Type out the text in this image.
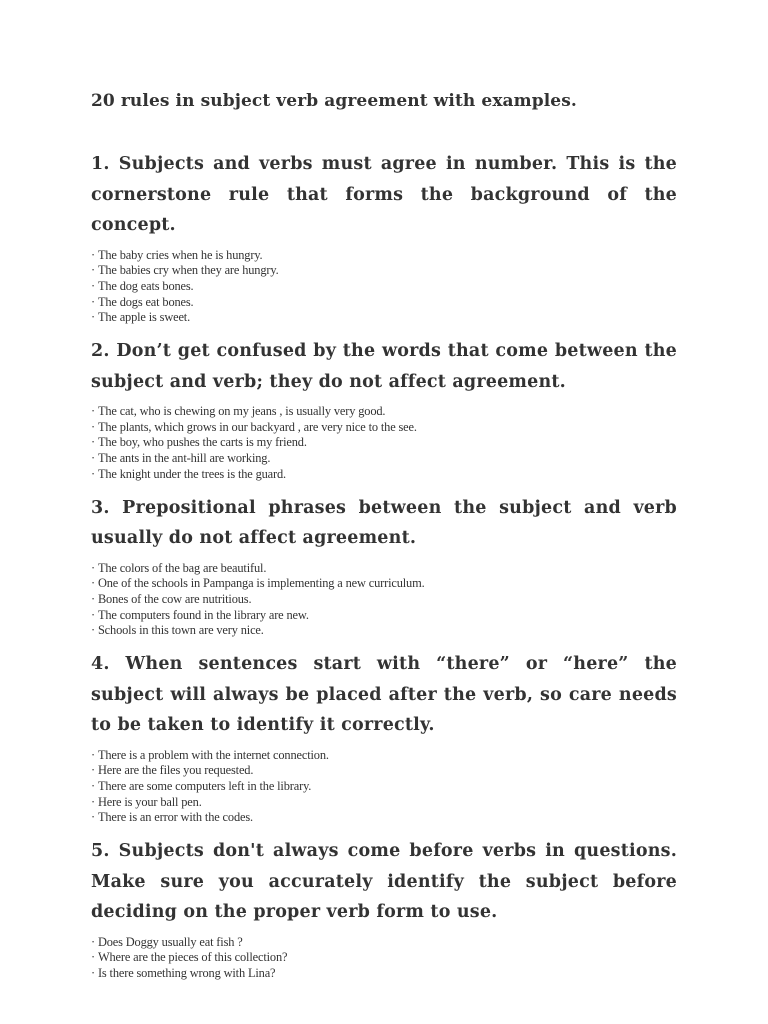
20 rules in subject verb agreement with examples.
1. Subjects and verbs must agree in number. This is the cornerstone rule that forms the background of the concept.
· The baby cries when he is hungry.
· The babies cry when they are hungry.
· The dog eats bones.
· The dogs eat bones.
· The apple is sweet.
2. Don’t get confused by the words that come between the subject and verb; they do not affect agreement.
· The cat, who is chewing on my jeans , is usually very good.
· The plants, which grows in our backyard , are very nice to the see.
· The boy, who pushes the carts is my friend.
· The ants in the ant-hill are working.
· The knight under the trees is the guard.
3. Prepositional phrases between the subject and verb usually do not affect agreement.
· The colors of the bag are beautiful.
· One of the schools in Pampanga is implementing a new curriculum.
· Bones of the cow are nutritious.
· The computers found in the library are new.
· Schools in this town are very nice.
4. When sentences start with “there” or “here” the subject will always be placed after the verb, so care needs to be taken to identify it correctly.
· There is a problem with the internet connection.
· Here are the files you requested.
· There are some computers left in the library.
· Here is your ball pen.
· There is an error with the codes.
5. Subjects don't always come before verbs in questions. Make sure you accurately identify the subject before deciding on the proper verb form to use.
· Does Doggy usually eat fish ?
· Where are the pieces of this collection?
· Is there something wrong with Lina?
